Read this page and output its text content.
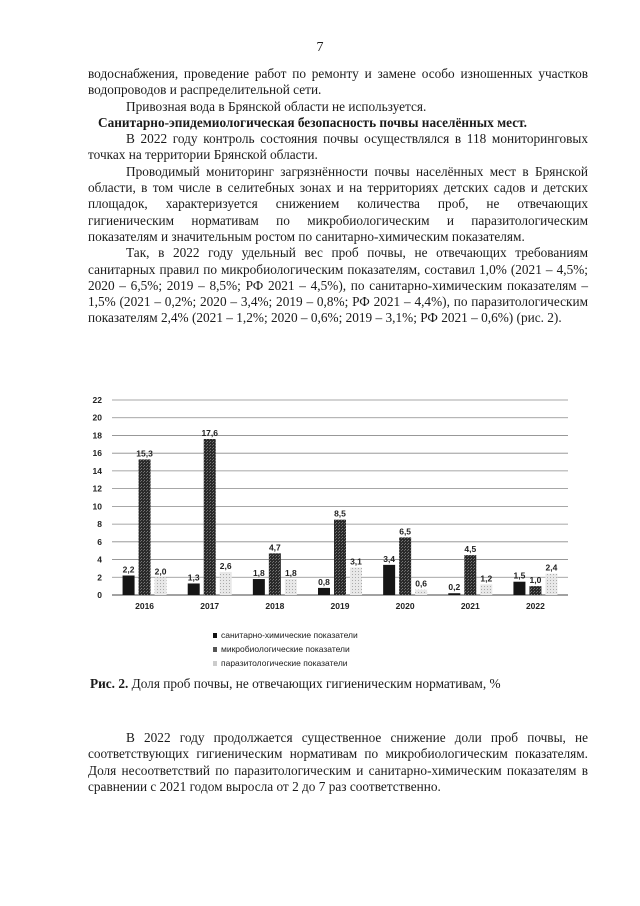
7

водоснабжения, проведение работ по ремонту и замене особо изношенных участков водопроводов и распределительной сети.

Привозная вода в Брянской области не используется.

Санитарно-эпидемиологическая безопасность почвы населённых мест.

В 2022 году контроль состояния почвы осуществлялся в 118 мониторинговых точках на территории Брянской области.

Проводимый мониторинг загрязнённости почвы населённых мест в Брянской области, в том числе в селитебных зонах и на территориях детских садов и детских площадок, характеризуется снижением количества проб, не отвечающих гигиеническим нормативам по микробиологическим и паразитологическим показателям и значительным ростом по санитарно-химическим показателям.

Так, в 2022 году удельный вес проб почвы, не отвечающих требованиям санитарных правил по микробиологическим показателям, составил 1,0% (2021 – 4,5%; 2020 – 6,5%; 2019 – 8,5%; РФ 2021 – 4,5%), по санитарно-химическим показателям – 1,5% (2021 – 0,2%; 2020 – 3,4%; 2019 – 0,8%; РФ 2021 – 4,4%), по паразитологическим показателям 2,4% (2021 – 1,2%; 2020 – 0,6%; 2019 – 3,1%; РФ 2021 – 0,6%) (рис. 2).

0
2
4
6
8
10
12
14
16
18
20
22
2,2
15,3
2,0
2016
1,3
17,6
2,6
2017
1,8
4,7
1,8
2018
0,8
8,5
3,1
2019
3,4
6,5
0,6
2020
0,2
4,5
1,2
2021
1,5 1,0
2,4
2022
санитарно-химические показатели
микробиологические показатели
паразитологические показатели
Рис. 2. Доля проб почвы, не отвечающих гигиеническим нормативам, %

В 2022 году продолжается существенное снижение доли проб почвы, не соответствующих гигиеническим нормативам по микробиологическим показателям. Доля несоответствий по паразитологическим и санитарно-химическим показателям в сравнении с 2021 годом выросла от 2 до 7 раз соответственно.
